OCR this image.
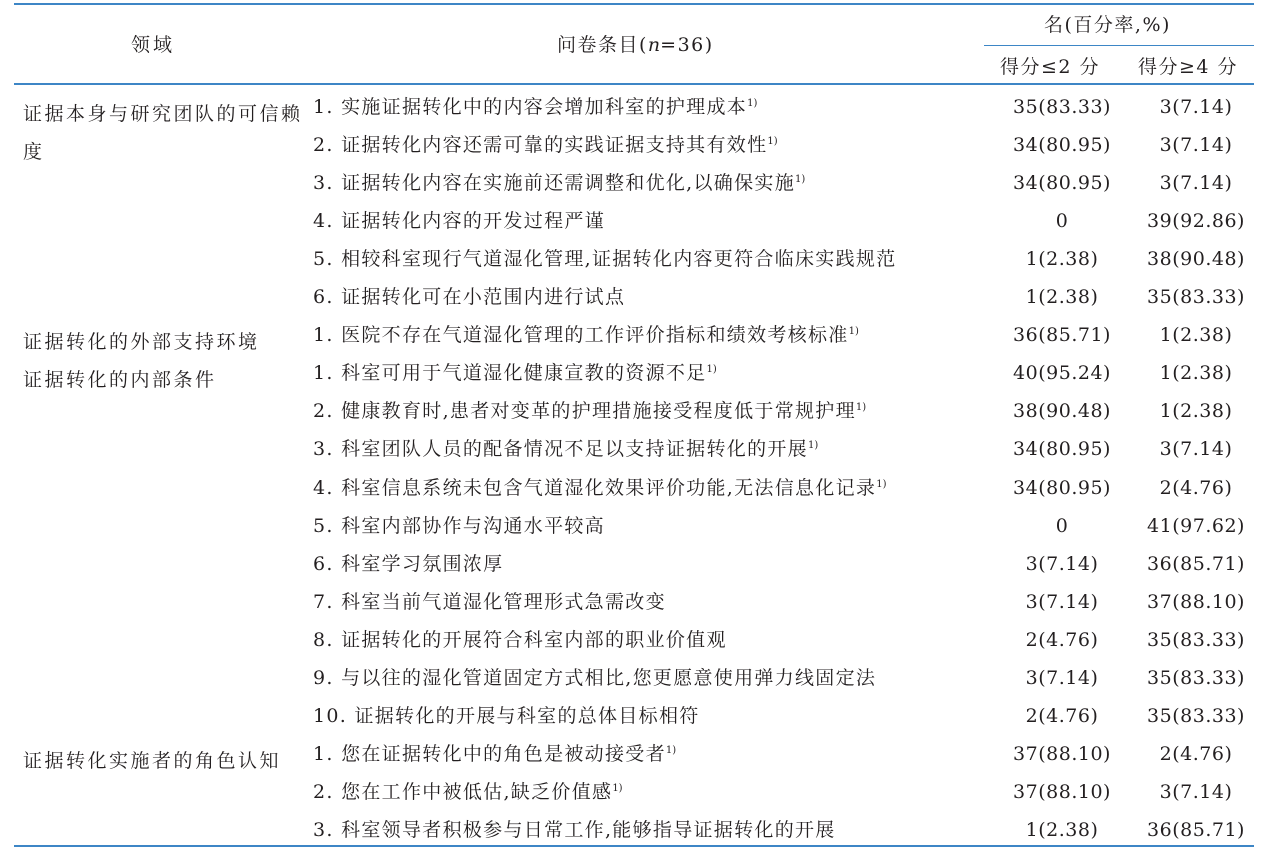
领域	问卷条目(n=36)
名(百分率,%)
得分≤2 分 得分≥4 分
证据本身与研究团队的可信赖度
1. 实施证据转化中的内容会增加科室的护理成本$^{1)}$	35(83.33)	3(7.14)
2. 证据转化内容还需可靠的实践证据支持其有效性$^{1)}$	34(80.95)	3(7.14)
3. 证据转化内容在实施前还需调整和优化,以确保实施$^{1)}$	34(80.95)	3(7.14)
4. 证据转化内容的开发过程严谨	0	39(92.86)
5. 相较科室现行气道湿化管理,证据转化内容更符合临床实践规范	1(2.38)	38(90.48)
6. 证据转化可在小范围内进行试点	1(2.38)	35(83.33)
证据转化的外部支持环境	1. 医院不存在气道湿化管理的工作评价指标和绩效考核标准$^{1)}$	36(85.71)	1(2.38)
证据转化的内部条件	1. 科室可用于气道湿化健康宣教的资源不足$^{1)}$	40(95.24)	1(2.38)
2. 健康教育时,患者对变革的护理措施接受程度低于常规护理$^{1)}$	38(90.48)	1(2.38)
3. 科室团队人员的配备情况不足以支持证据转化的开展$^{1)}$	34(80.95)	3(7.14)
4. 科室信息系统未包含气道湿化效果评价功能,无法信息化记录$^{1)}$	34(80.95)	2(4.76)
5. 科室内部协作与沟通水平较高	0	41(97.62)
6. 科室学习氛围浓厚	3(7.14)	36(85.71)
7. 科室当前气道湿化管理形式急需改变	3(7.14)	37(88.10)
8. 证据转化的开展符合科室内部的职业价值观	2(4.76)	35(83.33)
9. 与以往的湿化管道固定方式相比,您更愿意使用弹力线固定法	3(7.14)	35(83.33)
10. 证据转化的开展与科室的总体目标相符	2(4.76)	35(83.33)
证据转化实施者的角色认知	1. 您在证据转化中的角色是被动接受者$^{1)}$	37(88.10)	2(4.76)
2. 您在工作中被低估,缺乏价值感$^{1)}$	37(88.10)	3(7.14)
3. 科室领导者积极参与日常工作,能够指导证据转化的开展	1(2.38)	36(85.71)
